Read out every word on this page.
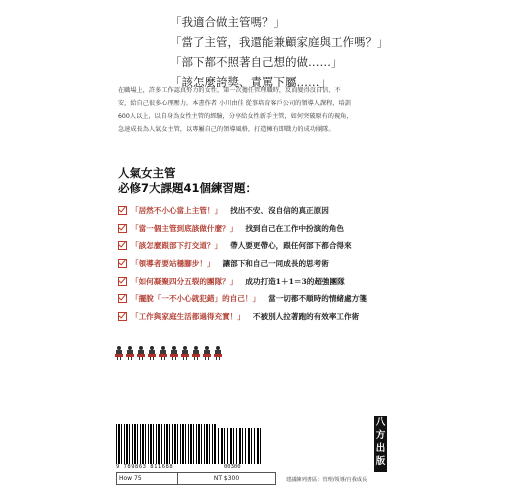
「我適合做主管嗎？」
「當了主管，我還能兼顧家庭與工作嗎？」
「部下都不照著自己想的做……」
「該怎麼誇獎、責罵下屬……」
在職場上，許多工作認真努力的女性，第一次擔任管理職時，反而變得沒自信、不
安，給自己很多心理壓力。本書作者 小川由佳 從事培育客戶公司的領導人課程，培訓
600人以上，以自身為女性主管的經驗，分享給女性新手主管，如何突破原有的視角，
急速成長為人氣女主管，以專屬自己的領導風格，打造擁有即戰力的成功團隊。
人氣女主管
必修7大課題41個練習題：
「居然不小心當上主管！」 找出不安、沒自信的真正原因
「當一個主管到底該做什麼？」 找到自己在工作中扮演的角色
「該怎麼跟部下打交道？」 帶人要更帶心，跟任何部下都合得來
「領導者要站穩腳步！」 讓部下和自己一同成長的思考術
「如何凝聚四分五裂的團隊？」 成功打造1＋1＝3的超強團隊
「擺脫「一不小心就犯錯」的自己！」 當一切都不順時的情緒處方箋
「工作與家庭生活都過得充實！」 不被別人拉著跑的有效率工作術
9 789863 811688	00300
How 75	NT $300	建議陳列書區：管理/領導/自我成長
八
方
出
版
